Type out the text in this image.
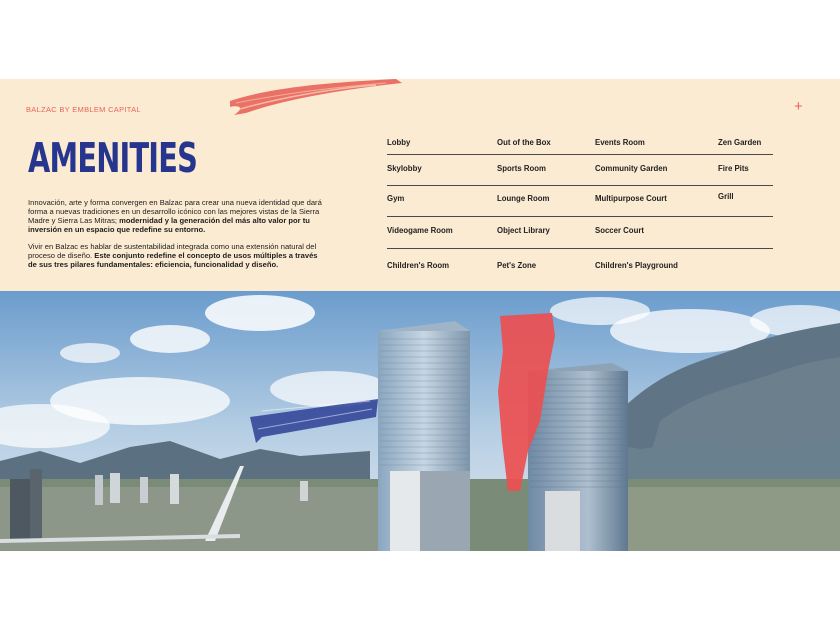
BALZAC BY EMBLEM CAPITAL	+
AMENITIES

Innovación, arte y forma convergen en Balzac para crear una nueva identidad que dará forma a nuevas tradiciones en un desarrollo icónico con las mejores vistas de la Sierra Madre y Sierra Las Mitras; modernidad y la generación del más alto valor por tu inversión en un espacio que redefine su entorno.

Vivir en Balzac es hablar de sustentabilidad integrada como una extensión natural del proceso de diseño. Este conjunto redefine el concepto de usos múltiples a través de sus tres pilares fundamentales: eficiencia, funcionalidad y diseño.

Lobby	Out of the Box	Events Room	Zen Garden
Skylobby	Sports Room	Community Garden	Fire Pits
Gym	Lounge Room	Multipurpose Court	Grill
Videogame Room	Object Library	Soccer Court
Children's Room	Pet's Zone	Children's Playground
